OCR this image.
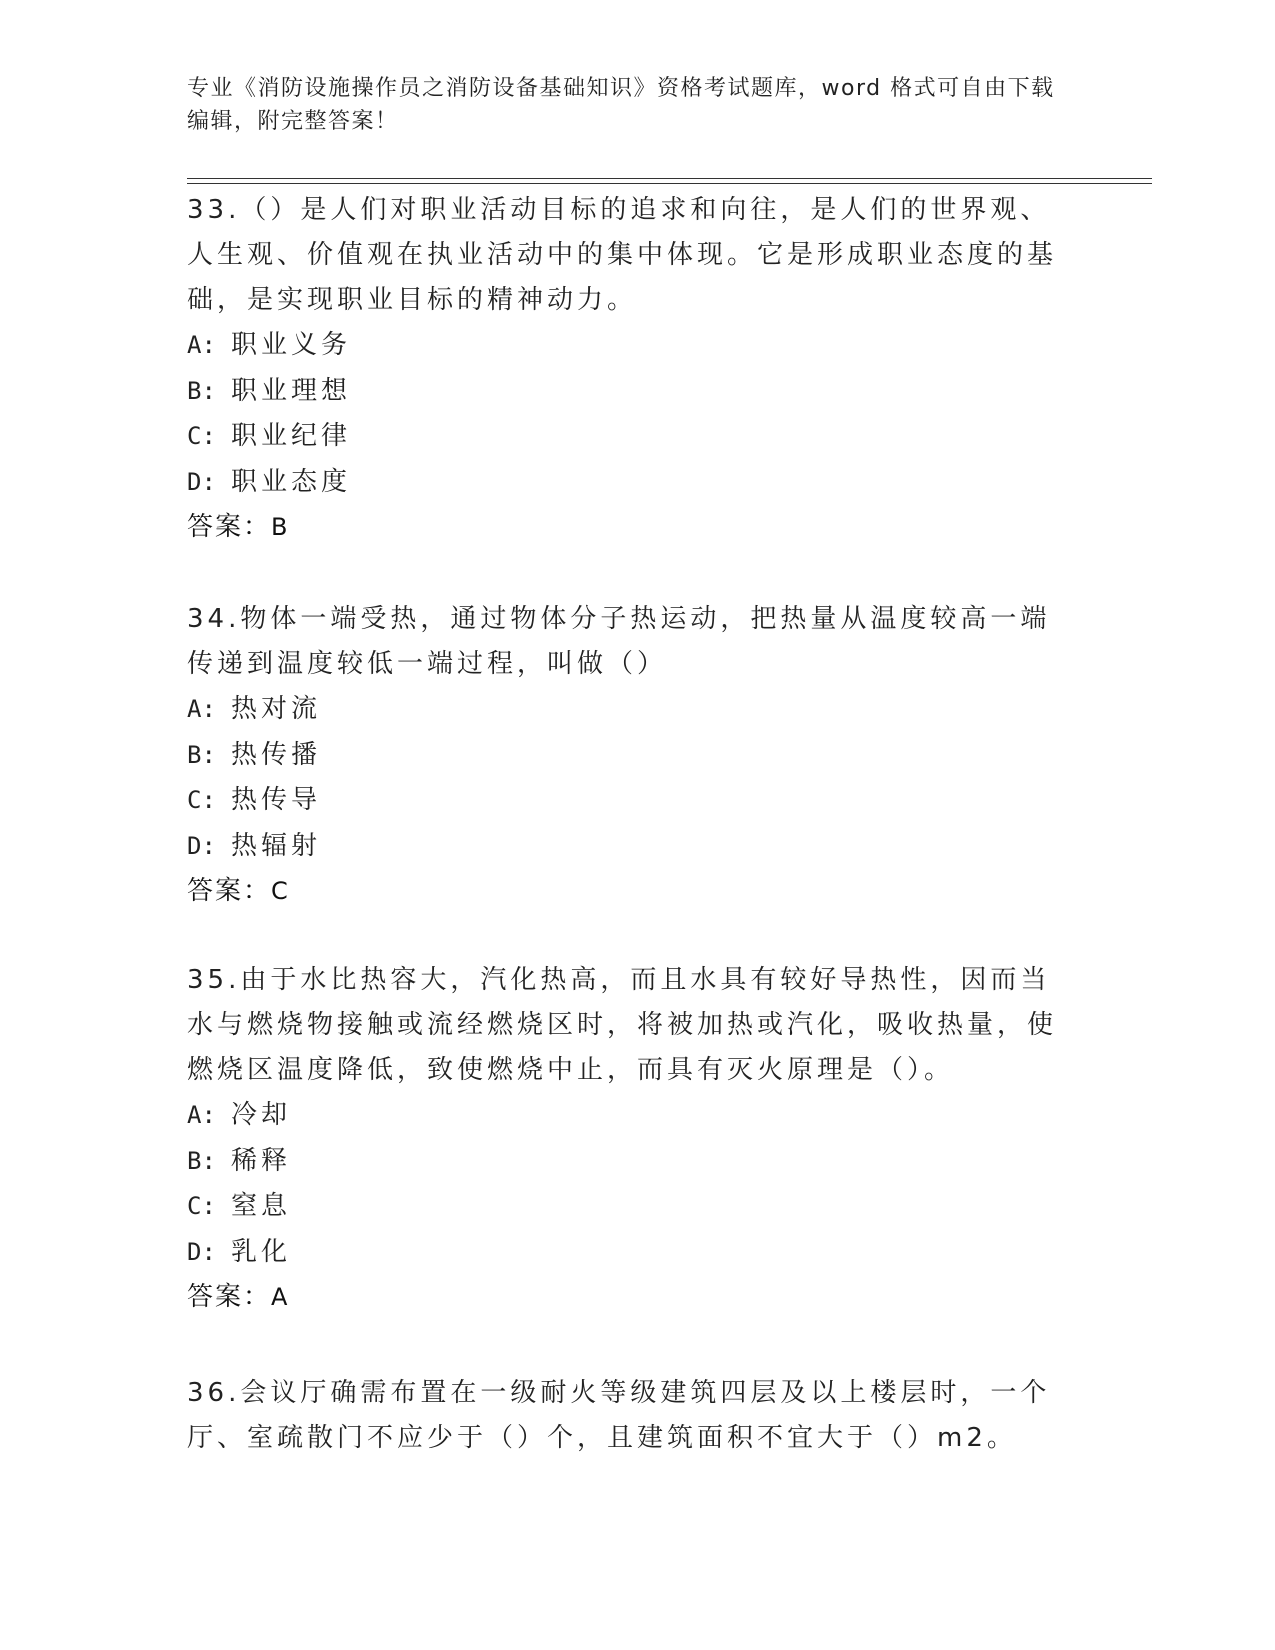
专业《消防设施操作员之消防设备基础知识》资格考试题库，word 格式可自由下载编辑，附完整答案！

33.（）是人们对职业活动目标的追求和向往，是人们的世界观、人生观、价值观在执业活动中的集中体现。它是形成职业态度的基础，是实现职业目标的精神动力。

A: 职业义务

B: 职业理想

C: 职业纪律

D: 职业态度

答案：B

34.物体一端受热，通过物体分子热运动，把热量从温度较高一端传递到温度较低一端过程，叫做（）

A: 热对流

B: 热传播

C: 热传导

D: 热辐射

答案：C

35.由于水比热容大，汽化热高，而且水具有较好导热性，因而当水与燃烧物接触或流经燃烧区时，将被加热或汽化，吸收热量，使燃烧区温度降低，致使燃烧中止，而具有灭火原理是（）。

A: 冷却

B: 稀释

C: 窒息

D: 乳化

答案：A

36.会议厅确需布置在一级耐火等级建筑四层及以上楼层时，一个厅、室疏散门不应少于（）个，且建筑面积不宜大于（）m2。
